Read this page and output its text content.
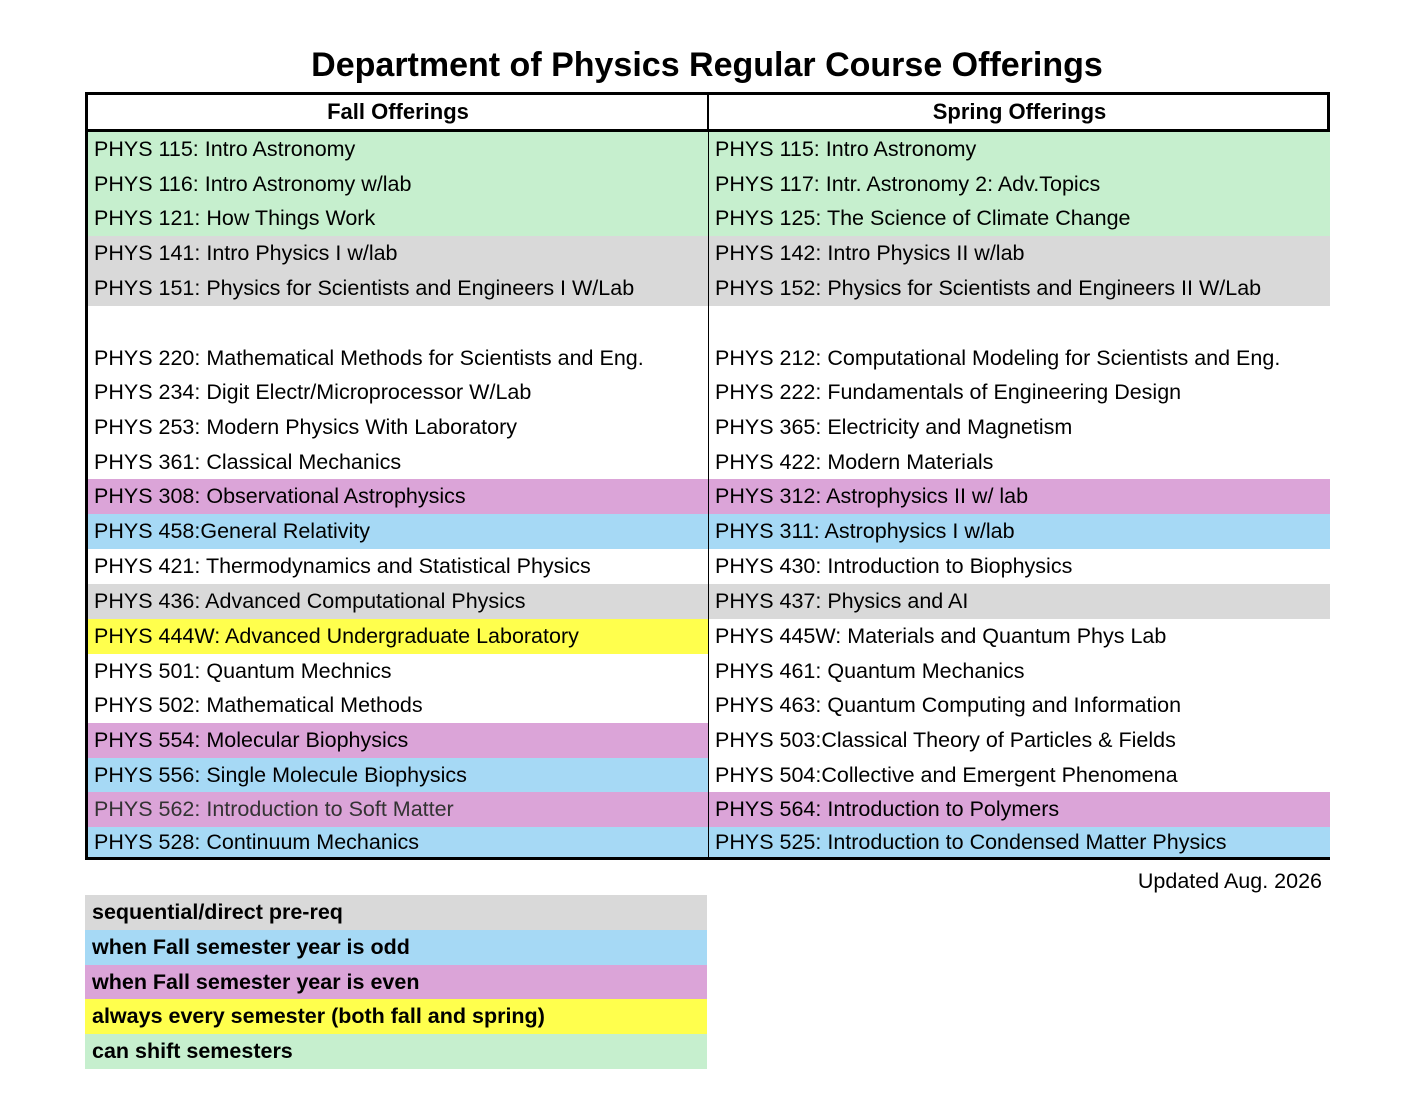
Department of Physics Regular Course Offerings
Fall Offerings
PHYS 115: Intro Astronomy
PHYS 116: Intro Astronomy w/lab
PHYS 121: How Things Work
PHYS 141: Intro Physics I w/lab
PHYS 151: Physics for Scientists and Engineers I W/Lab
PHYS 220: Mathematical Methods for Scientists and Eng.
PHYS 234: Digit Electr/Microprocessor W/Lab
PHYS 253: Modern Physics With Laboratory
PHYS 361: Classical Mechanics
PHYS 308: Observational Astrophysics
PHYS 458:General Relativity
PHYS 421: Thermodynamics and Statistical Physics
PHYS 436: Advanced Computational Physics
PHYS 444W: Advanced Undergraduate Laboratory
PHYS 501: Quantum Mechnics
PHYS 502: Mathematical Methods
PHYS 554: Molecular Biophysics
PHYS 556: Single Molecule Biophysics
PHYS 562: Introduction to Soft Matter
PHYS 528: Continuum Mechanics
Spring Offerings
PHYS 115: Intro Astronomy
PHYS 117: Intr. Astronomy 2: Adv.Topics
PHYS 125: The Science of Climate Change
PHYS 142: Intro Physics II w/lab
PHYS 152: Physics for Scientists and Engineers II W/Lab
PHYS 212: Computational Modeling for Scientists and Eng.
PHYS 222: Fundamentals of Engineering Design
PHYS 365: Electricity and Magnetism
PHYS 422: Modern Materials
PHYS 312: Astrophysics II w/ lab
PHYS 311: Astrophysics I w/lab
PHYS 430: Introduction to Biophysics
PHYS 437: Physics and AI
PHYS 445W: Materials and Quantum Phys Lab
PHYS 461: Quantum Mechanics
PHYS 463: Quantum Computing and Information
PHYS 503:Classical Theory of Particles & Fields
PHYS 504:Collective and Emergent Phenomena
PHYS 564: Introduction to Polymers
PHYS 525: Introduction to Condensed Matter Physics
Updated Aug. 2026
sequential/direct pre-req
when Fall semester year is odd
when Fall semester year is even
always every semester (both fall and spring)
can shift semesters
